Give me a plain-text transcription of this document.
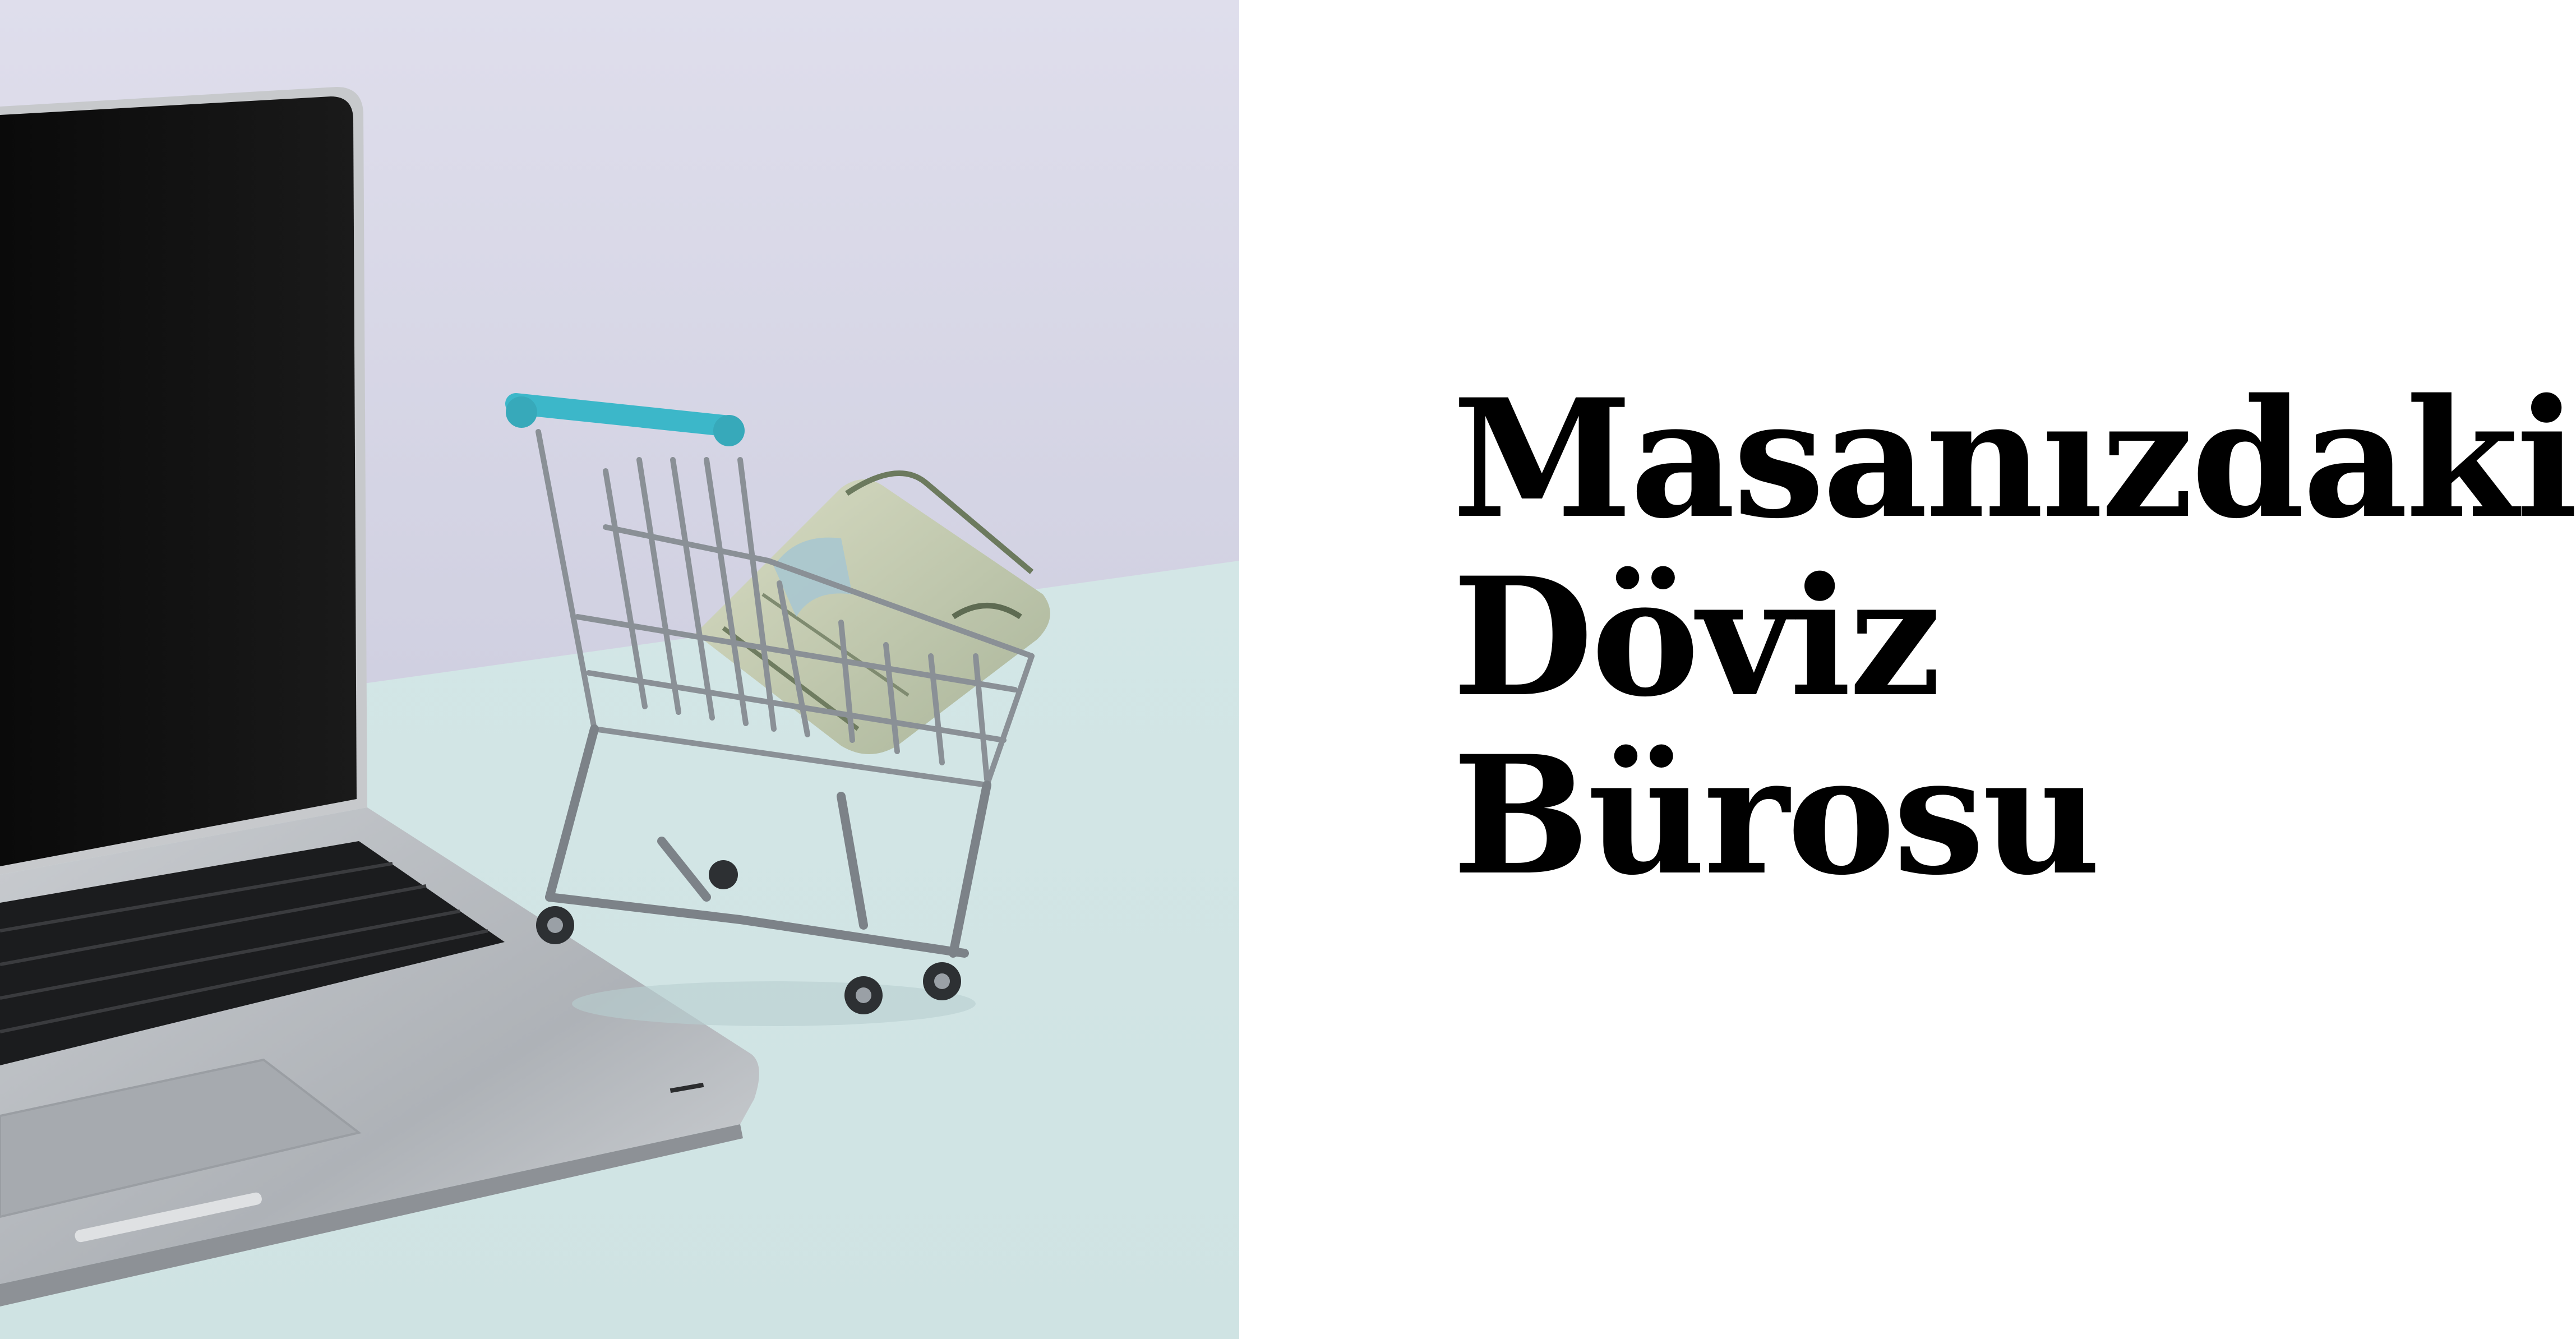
Masanızdaki
Döviz
Bürosu
